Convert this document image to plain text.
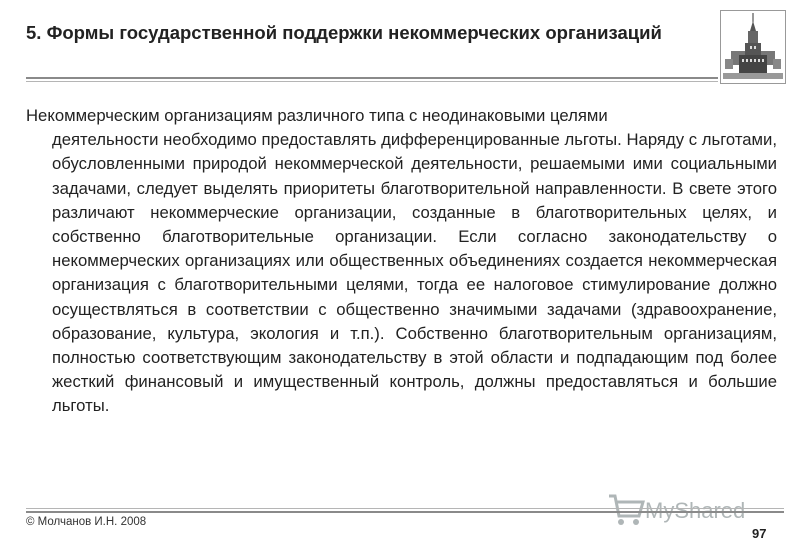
5. Формы государственной поддержки некоммерческих организаций
Некоммерческим организациям различного типа с неодинаковыми целями
деятельности необходимо предоставлять дифференцированные льготы. Наряду с льготами, обусловленными природой некоммерческой деятельности, решаемыми ими социальными задачами, следует выделять приоритеты благотворительной направленности. В свете этого различают некоммерческие организации, созданные в благотворительных целях, и собственно благотворительные организации. Если согласно законодательству о некоммерческих организациях или общественных объединениях создается некоммерческая организация с благотворительными целями, тогда ее налоговое стимулирование должно осуществляться в соответствии с общественно значимыми задачами (здравоохранение, образование, культура, экология и т.п.). Собственно благотворительным организациям, полностью соответствующим законодательству в этой области и подпадающим под более жесткий финансовый и имущественный контроль, должны предоставляться и большие льготы.
© Молчанов И.Н. 2008
97
